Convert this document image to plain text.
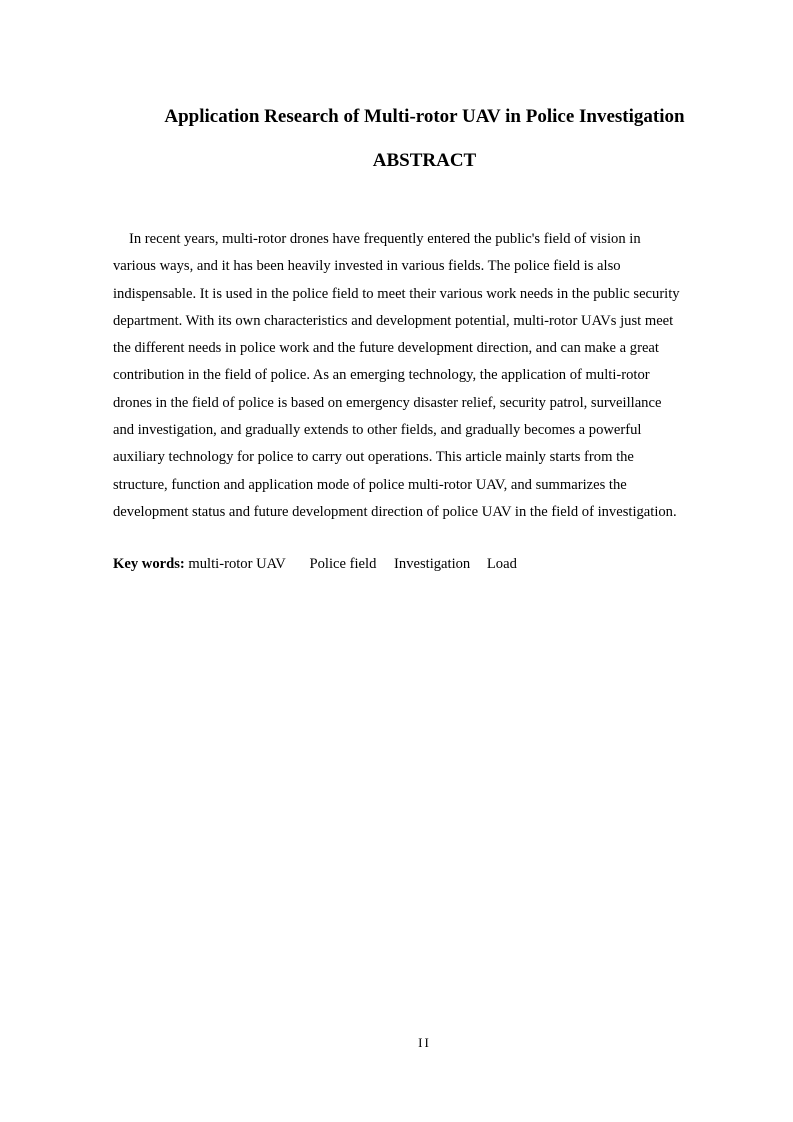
Application Research of Multi-rotor UAV in Police Investigation
ABSTRACT

In recent years, multi-rotor drones have frequently entered the public's field of vision in
various ways, and it has been heavily invested in various fields. The police field is also
indispensable. It is used in the police field to meet their various work needs in the public security
department. With its own characteristics and development potential, multi-rotor UAVs just meet
the different needs in police work and the future development direction, and can make a great
contribution in the field of police. As an emerging technology, the application of multi-rotor
drones in the field of police is based on emergency disaster relief, security patrol, surveillance
and investigation, and gradually extends to other fields, and gradually becomes a powerful
auxiliary technology for police to carry out operations. This article mainly starts from the
structure, function and application mode of police multi-rotor UAV, and summarizes the
development status and future development direction of police UAV in the field of investigation.

Key words: multi-rotor UAV Police field Investigation Load
II
